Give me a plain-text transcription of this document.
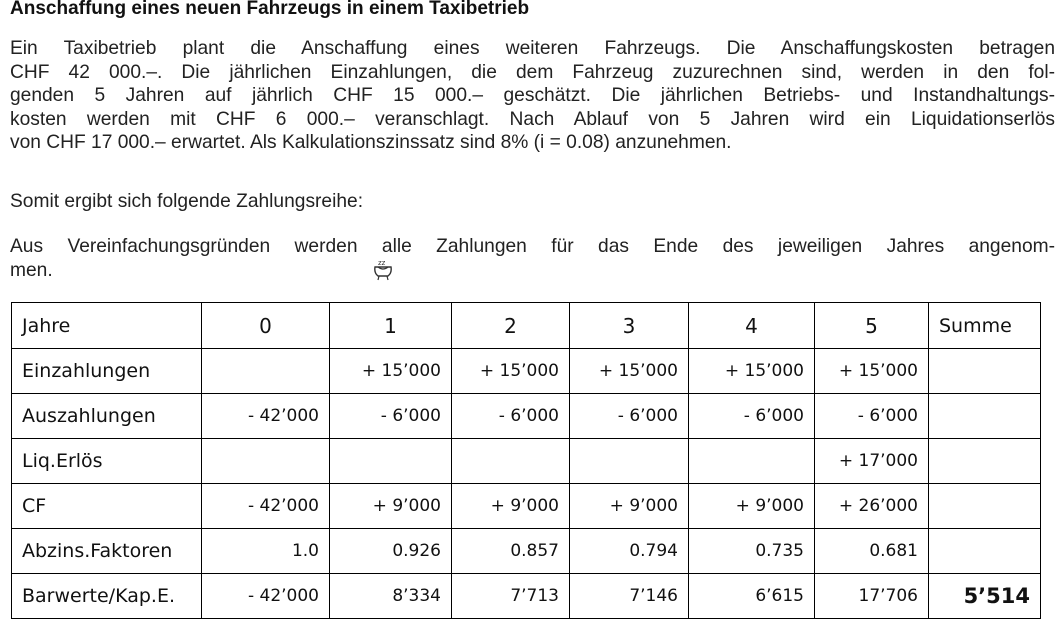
Anschaffung eines neuen Fahrzeugs in einem Taxibetrieb
Ein Taxibetrieb plant die Anschaffung eines weiteren Fahrzeugs. Die Anschaffungskosten betragen
CHF 42 000.–. Die jährlichen Einzahlungen, die dem Fahrzeug zuzurechnen sind, werden in den fol-
genden 5 Jahren auf jährlich CHF 15 000.– geschätzt. Die jährlichen Betriebs- und Instandhaltungs-
kosten werden mit CHF 6 000.– veranschlagt. Nach Ablauf von 5 Jahren wird ein Liquidationserlös
von CHF 17 000.– erwartet. Als Kalkulationszinssatz sind 8% (i = 0.08) anzunehmen.
Somit ergibt sich folgende Zahlungsreihe:
Aus Vereinfachungsgründen werden alle Zahlungen für das Ende des jeweiligen Jahres angenom-
men.	zz
Jahre	0	1	2	3	4	5	Summe
Einzahlungen		+ 15’000	+ 15’000	+ 15’000	+ 15’000	+ 15’000	
Auszahlungen	- 42’000	- 6’000	- 6’000	- 6’000	- 6’000	- 6’000	
Liq.Erlös						+ 17’000	
CF	- 42’000	+ 9’000	+ 9’000	+ 9’000	+ 9’000	+ 26’000	
Abzins.Faktoren	1.0	0.926	0.857	0.794	0.735	0.681	
Barwerte/Kap.E.	- 42’000	8’334	7’713	7’146	6’615	17’706	5’514
